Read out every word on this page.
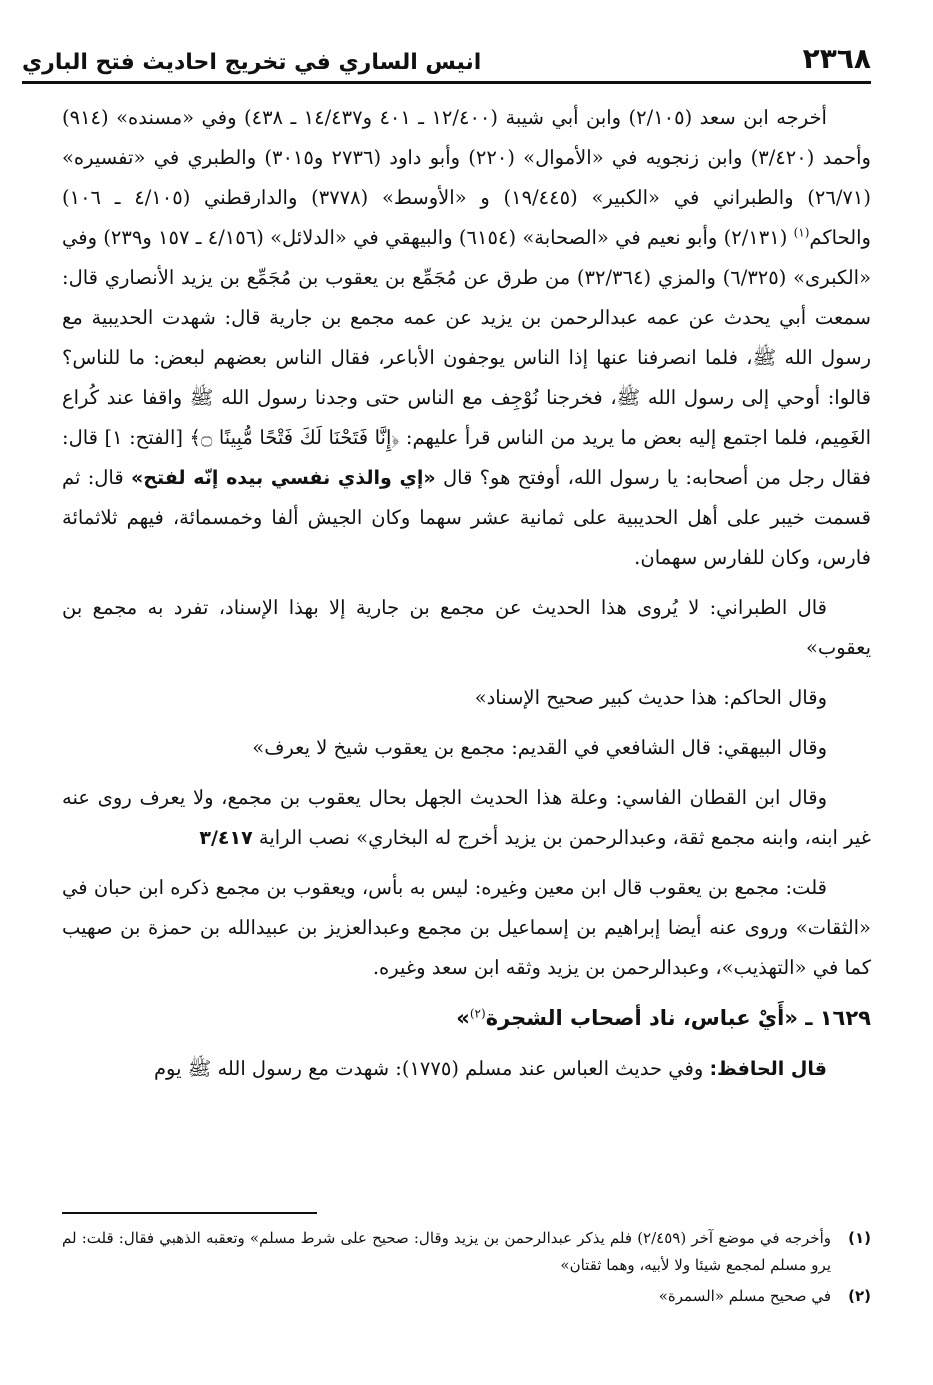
٢٣٦٨
انيس الساري في تخريج احاديث فتح الباري

أخرجه ابن سعد (٢/١٠٥) وابن أبي شيبة (١٢/٤٠٠ ـ ٤٠١ و١٤/٤٣٧ ـ ٤٣٨) وفي «مسنده» (٩١٤) وأحمد (٣/٤٢٠) وابن زنجويه في «الأموال» (٢٢٠) وأبو داود (٢٧٣٦ و٣٠١٥) والطبري في «تفسيره» (٢٦/٧١) والطبراني في «الكبير» (١٩/٤٤٥) و «الأوسط» (٣٧٧٨) والدارقطني (٤/١٠٥ ـ ١٠٦) والحاكم$^{(١)}$ (٢/١٣١) وأبو نعيم في «الصحابة» (٦١٥٤) والبيهقي في «الدلائل» (٤/١٥٦ ـ ١٥٧ و٢٣٩) وفي «الكبرى» (٦/٣٢٥) والمزي (٣٢/٣٦٤) من طرق عن مُجَمِّع بن يعقوب بن مُجَمِّع بن يزيد الأنصاري قال: سمعت أبي يحدث عن عمه عبدالرحمن بن يزيد عن عمه مجمع بن جارية قال: شهدت الحديبية مع رسول الله ﷺ، فلما انصرفنا عنها إذا الناس يوجفون الأباعر، فقال الناس بعضهم لبعض: ما للناس؟ قالوا: أوحي إلى رسول الله ﷺ، فخرجنا نُوْجِف مع الناس حتى وجدنا رسول الله ﷺ واقفا عند كُراع الغَمِيم، فلما اجتمع إليه بعض ما يريد من الناس قرأ عليهم: ﴿إِنَّا فَتَحْنَا لَكَ فَتْحًا مُّبِينًا ۝﴾ [الفتح: ١] قال: فقال رجل من أصحابه: يا رسول الله، أوفتح هو؟ قال «إي والذي نفسي بيده إنّه لفتح» قال: ثم قسمت خيبر على أهل الحديبية على ثمانية عشر سهما وكان الجيش ألفا وخمسمائة، فيهم ثلاثمائة فارس، وكان للفارس سهمان.

قال الطبراني: لا يُروى هذا الحديث عن مجمع بن جارية إلا بهذا الإسناد، تفرد به مجمع بن يعقوب»

وقال الحاكم: هذا حديث كبير صحيح الإسناد»

وقال البيهقي: قال الشافعي في القديم: مجمع بن يعقوب شيخ لا يعرف»

وقال ابن القطان الفاسي: وعلة هذا الحديث الجهل بحال يعقوب بن مجمع، ولا يعرف روى عنه غير ابنه، وابنه مجمع ثقة، وعبدالرحمن بن يزيد أخرج له البخاري» نصب الراية ٣/٤١٧

قلت: مجمع بن يعقوب قال ابن معين وغيره: ليس به بأس، ويعقوب بن مجمع ذكره ابن حبان في «الثقات» وروى عنه أيضا إبراهيم بن إسماعيل بن مجمع وعبدالعزيز بن عبيدالله بن حمزة بن صهيب كما في «التهذيب»، وعبدالرحمن بن يزيد وثقه ابن سعد وغيره.

١٦٢٩ ـ «أَيْ عباس، ناد أصحاب الشجرة$^{(٢)}$»

قال الحافظ: وفي حديث العباس عند مسلم (١٧٧٥): شهدت مع رسول الله ﷺ يوم

(١)
وأخرجه في موضع آخر (٢/٤٥٩) فلم يذكر عبدالرحمن بن يزيد وقال: صحيح على شرط مسلم» وتعقبه الذهبي فقال: قلت: لم يرو مسلم لمجمع شيئا ولا لأبيه، وهما ثقتان»
(٢)
في صحيح مسلم «السمرة»
